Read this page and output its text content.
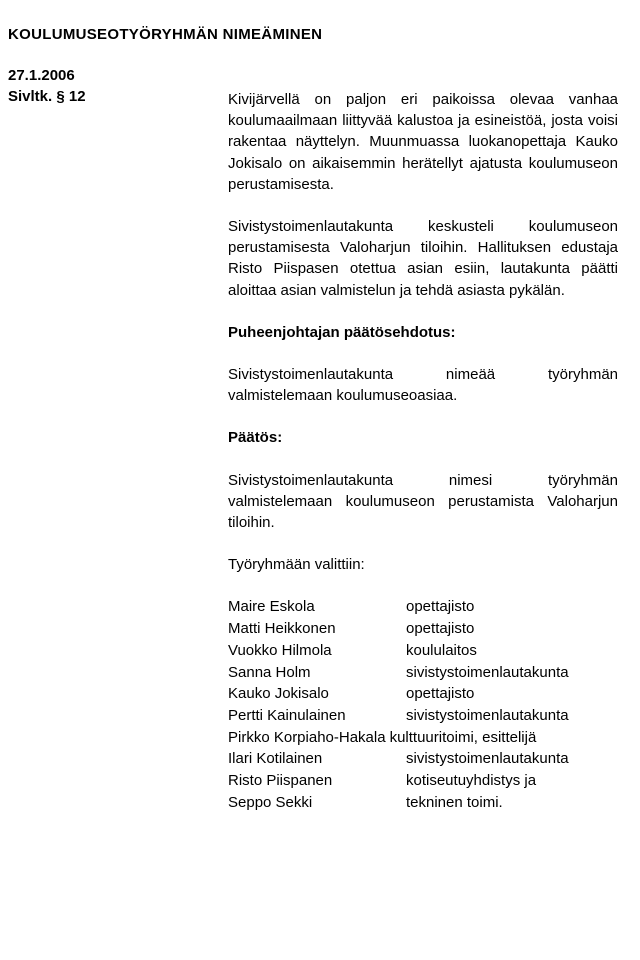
KOULUMUSEOTYÖRYHMÄN NIMEÄMINEN
27.1.2006
Sivltk. § 12	Kivijärvellä on paljon eri paikoissa olevaa vanhaa koulumaailmaan liittyvää kalustoa ja esineistöä, josta voisi rakentaa näyttelyn. Muunmuassa luokanopettaja Kauko Jokisalo on aikaisemmin herätellyt ajatusta koulumuseon perustamisesta.

Sivistystoimenlautakunta keskusteli koulumuseon perustamisesta Valoharjun tiloihin. Hallituksen edustaja Risto Piispasen otettua asian esiin, lautakunta päätti aloittaa asian valmistelun ja tehdä asiasta pykälän.

Puheenjohtajan päätösehdotus:

Sivistystoimenlautakunta nimeää työryhmän valmistelemaan koulumuseoasiaa.

Päätös:

Sivistystoimenlautakunta nimesi työryhmän valmistelemaan koulumuseon perustamista Valoharjun tiloihin.

Työryhmään valittiin:

Maire Eskola	opettajisto
Matti Heikkonen	opettajisto
Vuokko Hilmola	koululaitos
Sanna Holm	sivistystoimenlautakunta
Kauko Jokisalo	opettajisto
Pertti Kainulainen	sivistystoimenlautakunta
Pirkko Korpiaho-Hakala kulttuuritoimi, esittelijä
Ilari Kotilainen	sivistystoimenlautakunta
Risto Piispanen	kotiseutuyhdistys ja
Seppo Sekki	tekninen toimi.
